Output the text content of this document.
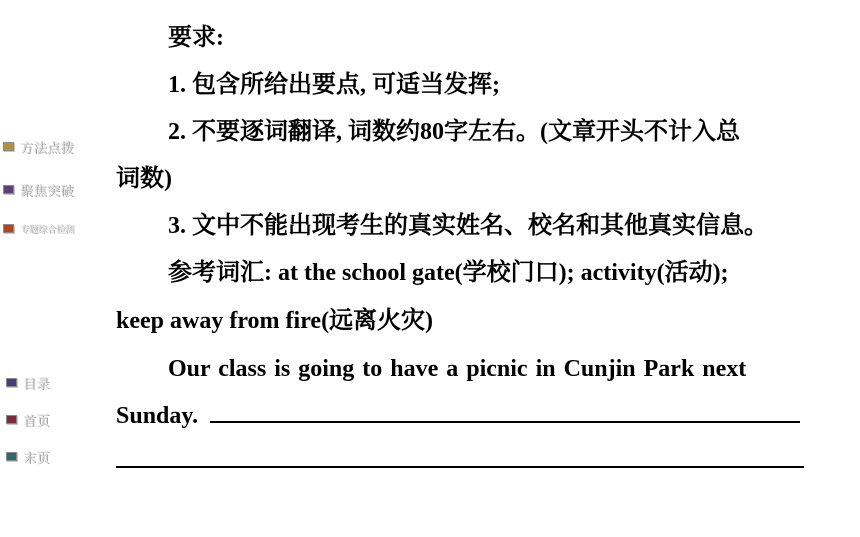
方法点拨
聚焦突破
专题综合检测
目录
首页
末页
要求:
1. 包含所给出要点, 可适当发挥;
2. 不要逐词翻译, 词数约80字左右。(文章开头不计入总
词数)
3. 文中不能出现考生的真实姓名、校名和其他真实信息。
参考词汇: at the school gate(学校门口); activity(活动);
keep away from fire(远离火灾)
Our class is going to have a picnic in Cunjin Park next
Sunday.
